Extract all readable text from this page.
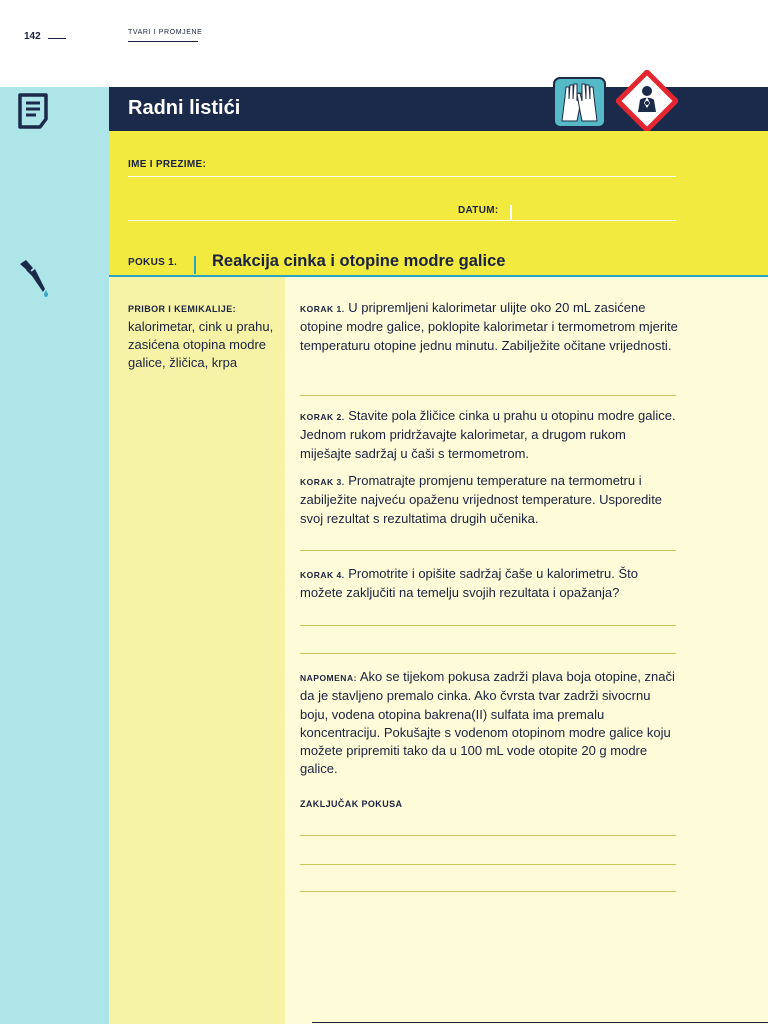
142	TVARI I PROMJENE
Radni listići
IME I PREZIME:
DATUM:
POKUS 1. Reakcija cinka i otopine modre galice
PRIBOR I KEMIKALIJE:
kalorimetar, cink u prahu, zasićena otopina modre galice, žličica, krpa
KORAK 1. U pripremljeni kalorimetar ulijte oko 20 mL zasićene otopine modre galice, poklopite kalorimetar i termometrom mjerite temperaturu otopine jednu minutu. Zabilježite očitane vrijednosti.
KORAK 2. Stavite pola žličice cinka u prahu u otopinu modre galice. Jednom rukom pridržavajte kalorimetar, a drugom rukom miješajte sadržaj u čaši s termometrom.
KORAK 3. Promatrajte promjenu temperature na termometru i zabilježite najveću opaženu vrijednost temperature. Usporedite svoj rezultat s rezultatima drugih učenika.
KORAK 4. Promotrite i opišite sadržaj čaše u kalorimetru. Što možete zaključiti na temelju svojih rezultata i opažanja?
NAPOMENA: Ako se tijekom pokusa zadrži plava boja otopine, znači da je stavljeno premalo cinka. Ako čvrsta tvar zadrži sivocrnu boju, vodena otopina bakrena(II) sulfata ima premalu koncentraciju. Pokušajte s vodenom otopinom modre galice koju možete pripremiti tako da u 100 mL vode otopite 20 g modre galice.
ZAKLJUČAK POKUSA
